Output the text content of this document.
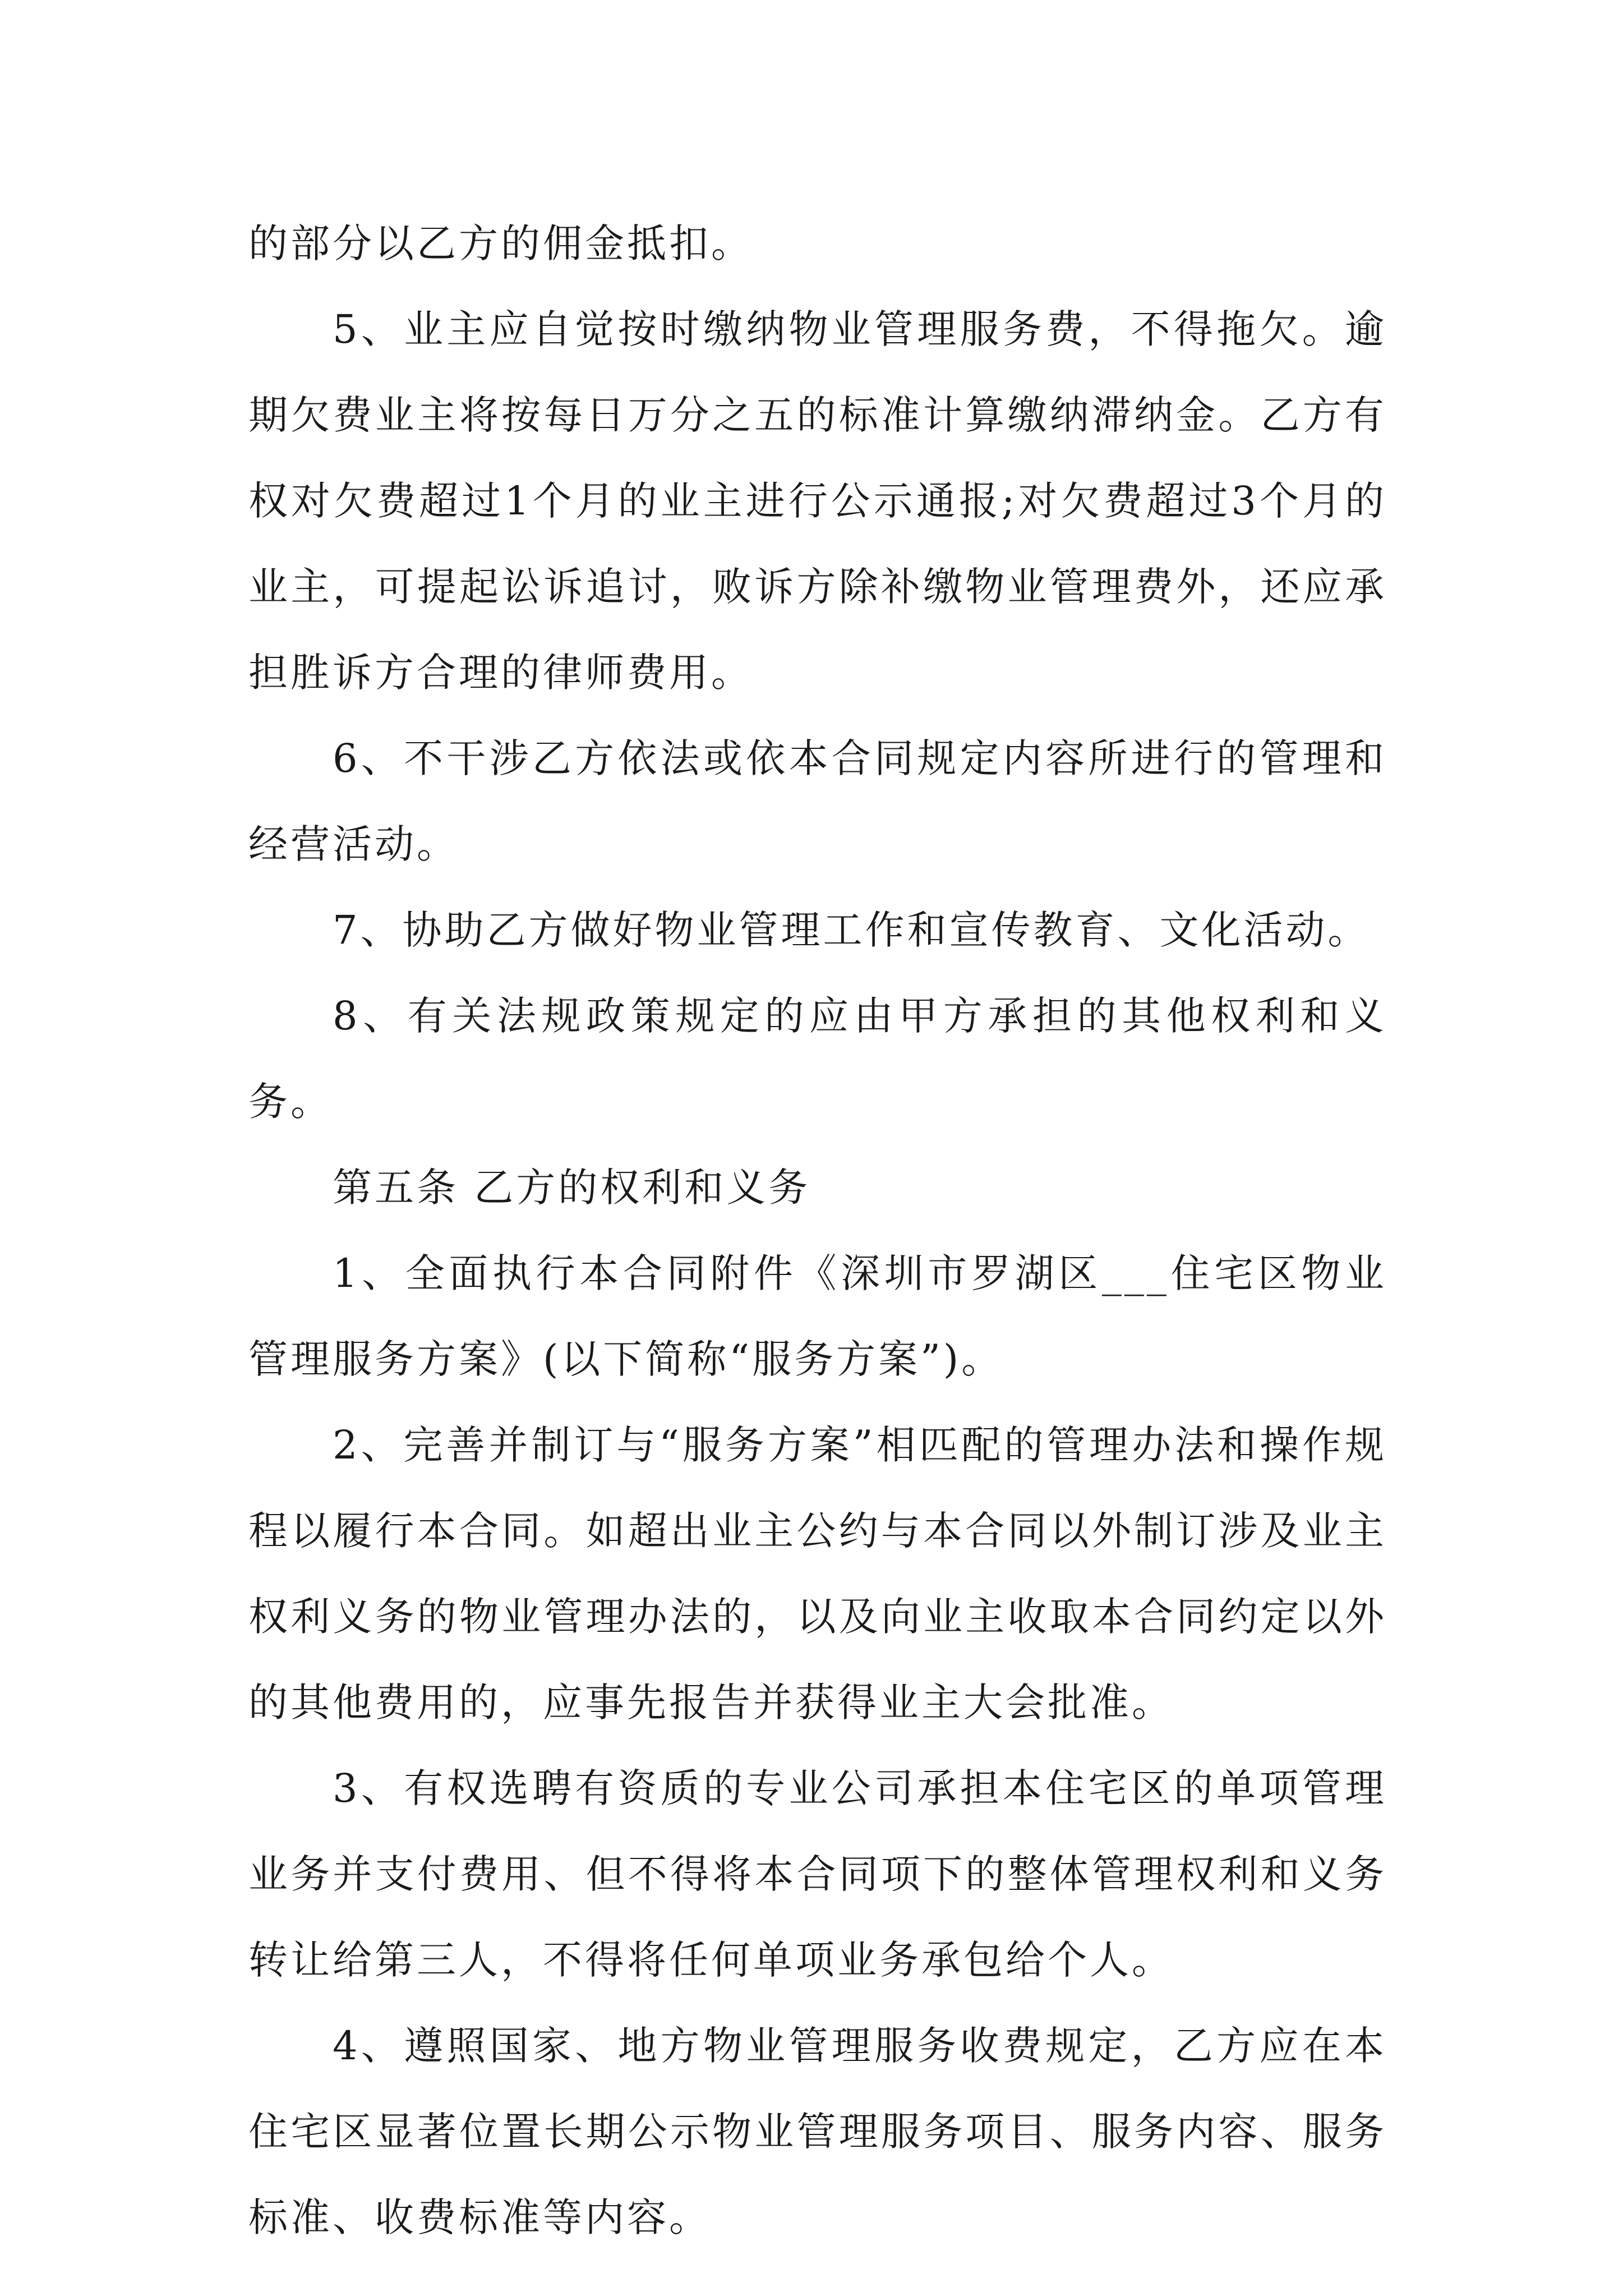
的部分以乙方的佣金抵扣。

5、业主应自觉按时缴纳物业管理服务费，不得拖欠。逾期欠费业主将按每日万分之五的标准计算缴纳滞纳金。乙方有权对欠费超过1个月的业主进行公示通报;对欠费超过3个月的业主，可提起讼诉追讨，败诉方除补缴物业管理费外，还应承担胜诉方合理的律师费用。

6、不干涉乙方依法或依本合同规定内容所进行的管理和经营活动。

7、协助乙方做好物业管理工作和宣传教育、文化活动。

8、有关法规政策规定的应由甲方承担的其他权利和义务。

第五条 乙方的权利和义务

1、全面执行本合同附件《深圳市罗湖区___住宅区物业管理服务方案》(以下简称“服务方案”)。

2、完善并制订与“服务方案”相匹配的管理办法和操作规程以履行本合同。如超出业主公约与本合同以外制订涉及业主权利义务的物业管理办法的，以及向业主收取本合同约定以外的其他费用的，应事先报告并获得业主大会批准。

3、有权选聘有资质的专业公司承担本住宅区的单项管理业务并支付费用、但不得将本合同项下的整体管理权利和义务转让给第三人，不得将任何单项业务承包给个人。

4、遵照国家、地方物业管理服务收费规定，乙方应在本住宅区显著位置长期公示物业管理服务项目、服务内容、服务标准、收费标准等内容。
